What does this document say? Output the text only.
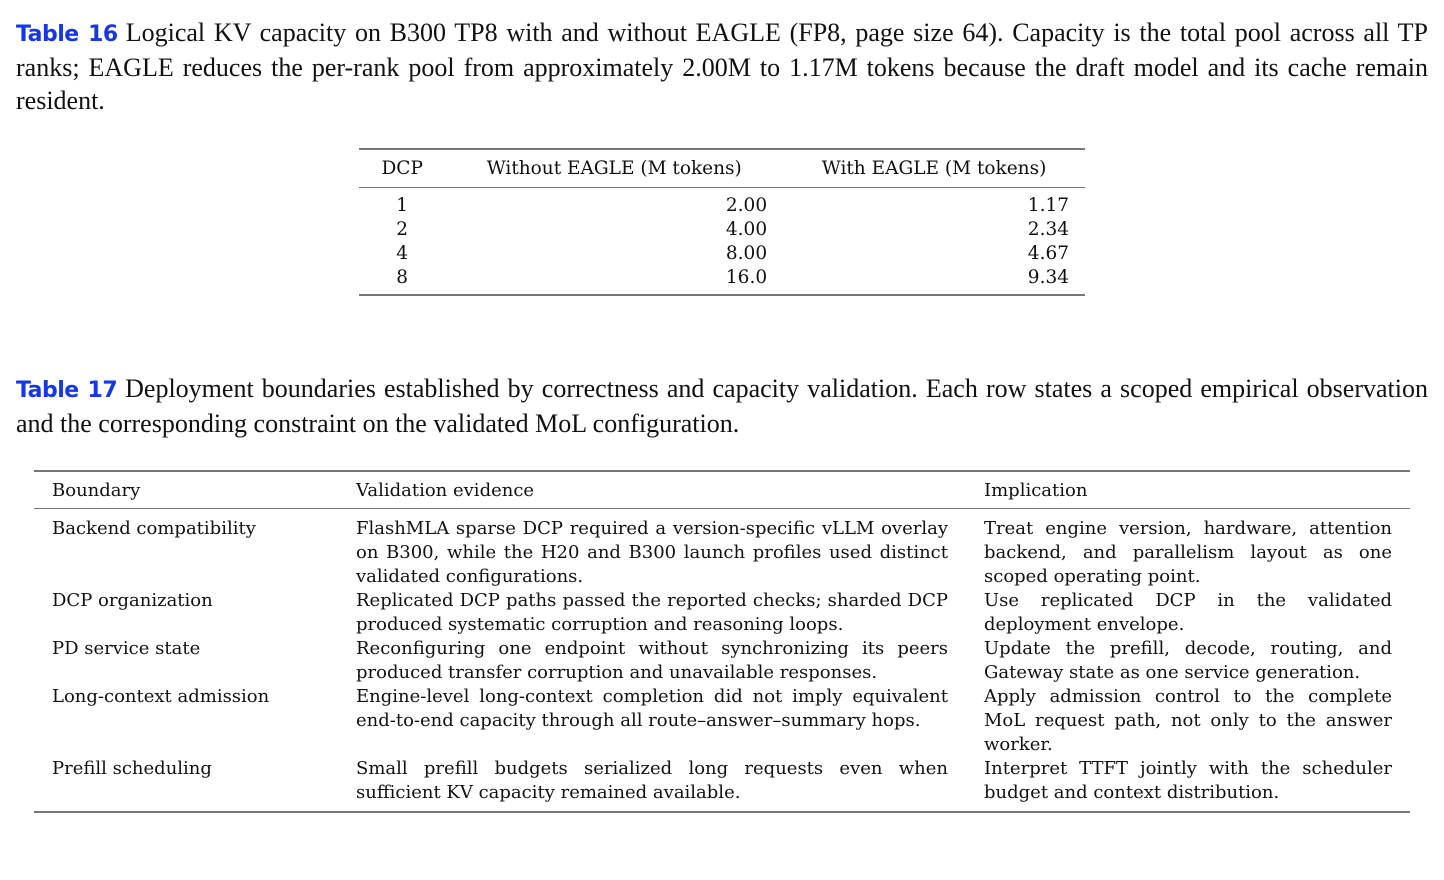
Table 16 Logical KV capacity on B300 TP8 with and without EAGLE (FP8, page size 64). Capacity is the total pool across all TP ranks; EAGLE reduces the per-rank pool from approximately 2.00M to 1.17M tokens because the draft model and its cache remain resident.
DCP	Without EAGLE (M tokens)	With EAGLE (M tokens)
1	2.00	1.17
2	4.00	2.34
4	8.00	4.67
8	16.0	9.34
Table 17 Deployment boundaries established by correctness and capacity validation. Each row states a scoped empirical observation and the corresponding constraint on the validated MoL configuration.
Boundary	Validation evidence	Implication
Backend compatibility	FlashMLA sparse DCP required a version-specific vLLM overlay on B300, while the H20 and B300 launch profiles used distinct validated configurations.	Treat engine version, hardware, attention backend, and parallelism layout as one scoped operating point.
DCP organization	Replicated DCP paths passed the reported checks; sharded DCP produced systematic corruption and reasoning loops.	Use replicated DCP in the validated deployment envelope.
PD service state	Reconfiguring one endpoint without synchronizing its peers produced transfer corruption and unavailable responses.	Update the prefill, decode, routing, and Gateway state as one service generation.
Long-context admission	Engine-level long-context completion did not imply equivalent end-to-end capacity through all route–answer–summary hops.	Apply admission control to the complete MoL request path, not only to the answer worker.
Prefill scheduling	Small prefill budgets serialized long requests even when sufficient KV capacity remained available.	Interpret TTFT jointly with the scheduler budget and context distribution.
